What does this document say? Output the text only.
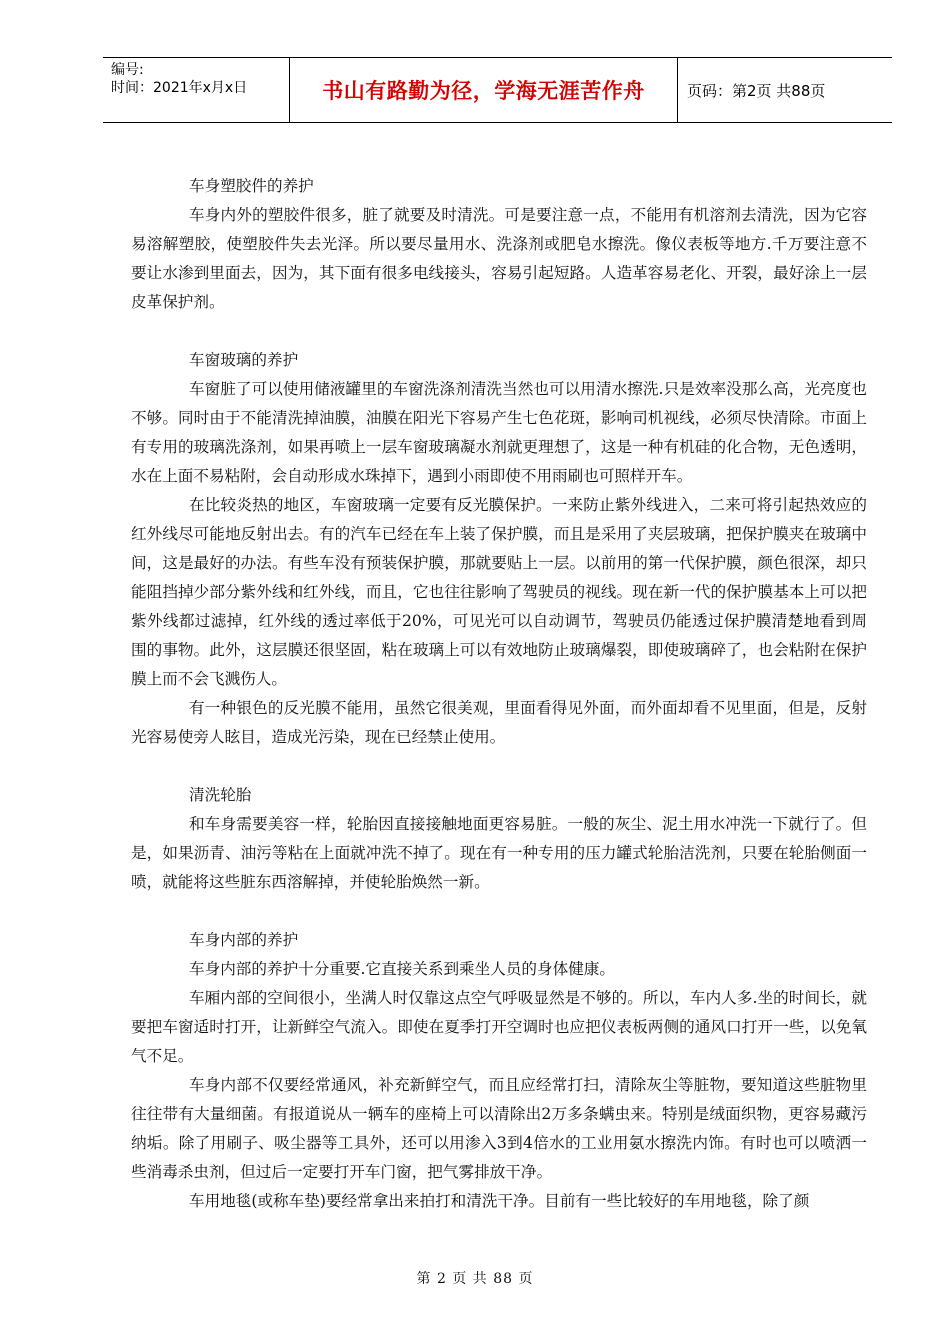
编号:
时间：2021年x月x日	书山有路勤为径，学海无涯苦作舟	页码：第2页 共88页
车身塑胶件的养护

车身内外的塑胶件很多，脏了就要及时清洗。可是要注意一点，不能用有机溶剂去清洗，因为它容易溶解塑胶，使塑胶件失去光泽。所以要尽量用水、洗涤剂或肥皂水擦洗。像仪表板等地方.千万要注意不要让水渗到里面去，因为，其下面有很多电线接头，容易引起短路。人造革容易老化、开裂，最好涂上一层皮革保护剂。

车窗玻璃的养护

车窗脏了可以使用储液罐里的车窗洗涤剂清洗当然也可以用清水擦洗.只是效率没那么高，光亮度也不够。同时由于不能清洗掉油膜，油膜在阳光下容易产生七色花斑，影响司机视线，必须尽快清除。市面上有专用的玻璃洗涤剂，如果再喷上一层车窗玻璃凝水剂就更理想了，这是一种有机硅的化合物，无色透明，水在上面不易粘附，会自动形成水珠掉下，遇到小雨即使不用雨刷也可照样开车。

在比较炎热的地区，车窗玻璃一定要有反光膜保护。一来防止紫外线进入，二来可将引起热效应的红外线尽可能地反射出去。有的汽车已经在车上装了保护膜，而且是采用了夹层玻璃，把保护膜夹在玻璃中间，这是最好的办法。有些车没有预装保护膜，那就要贴上一层。以前用的第一代保护膜，颜色很深，却只能阻挡掉少部分紫外线和红外线，而且，它也往往影响了驾驶员的视线。现在新一代的保护膜基本上可以把紫外线都过滤掉，红外线的透过率低于20%，可见光可以自动调节，驾驶员仍能透过保护膜清楚地看到周围的事物。此外，这层膜还很坚固，粘在玻璃上可以有效地防止玻璃爆裂，即使玻璃碎了，也会粘附在保护膜上而不会飞溅伤人。

有一种银色的反光膜不能用，虽然它很美观，里面看得见外面，而外面却看不见里面，但是，反射光容易使旁人眩目，造成光污染，现在已经禁止使用。

清洗轮胎

和车身需要美容一样，轮胎因直接接触地面更容易脏。一般的灰尘、泥土用水冲洗一下就行了。但是，如果沥青、油污等粘在上面就冲洗不掉了。现在有一种专用的压力罐式轮胎洁洗剂，只要在轮胎侧面一喷，就能将这些脏东西溶解掉，并使轮胎焕然一新。

车身内部的养护

车身内部的养护十分重要.它直接关系到乘坐人员的身体健康。

车厢内部的空间很小，坐满人时仅靠这点空气呼吸显然是不够的。所以，车内人多.坐的时间长，就要把车窗适时打开，让新鲜空气流入。即使在夏季打开空调时也应把仪表板两侧的通风口打开一些，以免氧气不足。

车身内部不仅要经常通风，补充新鲜空气，而且应经常打扫，清除灰尘等脏物，要知道这些脏物里往往带有大量细菌。有报道说从一辆车的座椅上可以清除出2万多条螨虫来。特别是绒面织物，更容易藏污纳垢。除了用刷子、吸尘器等工具外，还可以用渗入3到4倍水的工业用氨水擦洗内饰。有时也可以喷洒一些消毒杀虫剂，但过后一定要打开车门窗，把气雾排放干净。

车用地毯(或称车垫)要经常拿出来拍打和清洗干净。目前有一些比较好的车用地毯，除了颜

第 2 页 共 88 页
